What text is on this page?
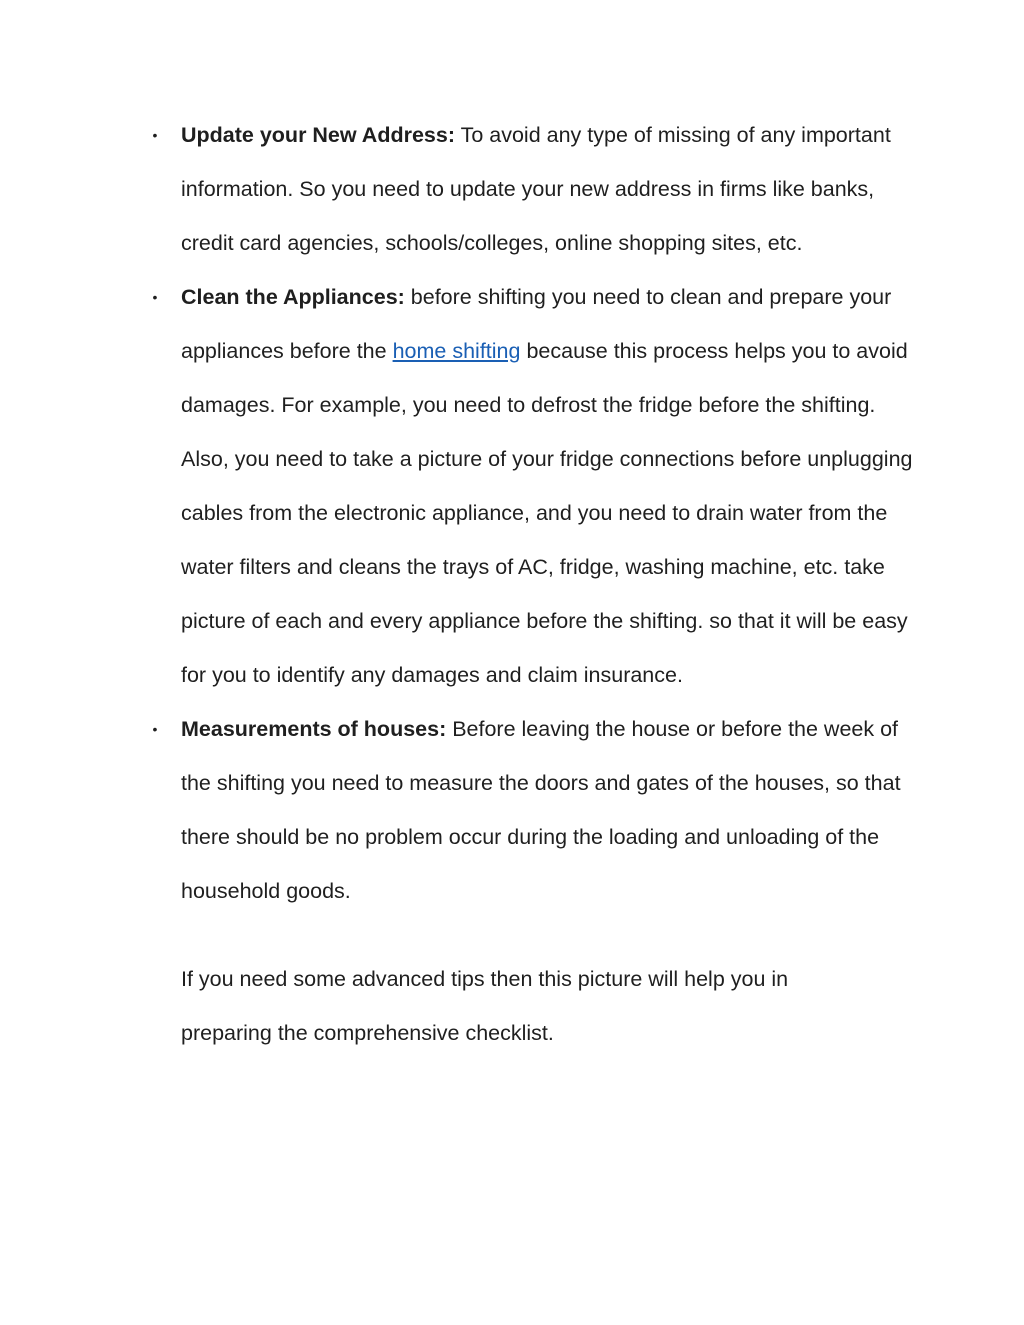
• Update your New Address: To avoid any type of missing of any important information. So you need to update your new address in firms like banks, credit card agencies, schools/colleges, online shopping sites, etc.
• Clean the Appliances: before shifting you need to clean and prepare your appliances before the home shifting because this process helps you to avoid damages. For example, you need to defrost the fridge before the shifting. Also, you need to take a picture of your fridge connections before unplugging cables from the electronic appliance, and you need to drain water from the water filters and cleans the trays of AC, fridge, washing machine, etc. take picture of each and every appliance before the shifting. so that it will be easy for you to identify any damages and claim insurance.
• Measurements of houses: Before leaving the house or before the week of the shifting you need to measure the doors and gates of the houses, so that there should be no problem occur during the loading and unloading of the household goods.

If you need some advanced tips then this picture will help you in preparing the comprehensive checklist.
